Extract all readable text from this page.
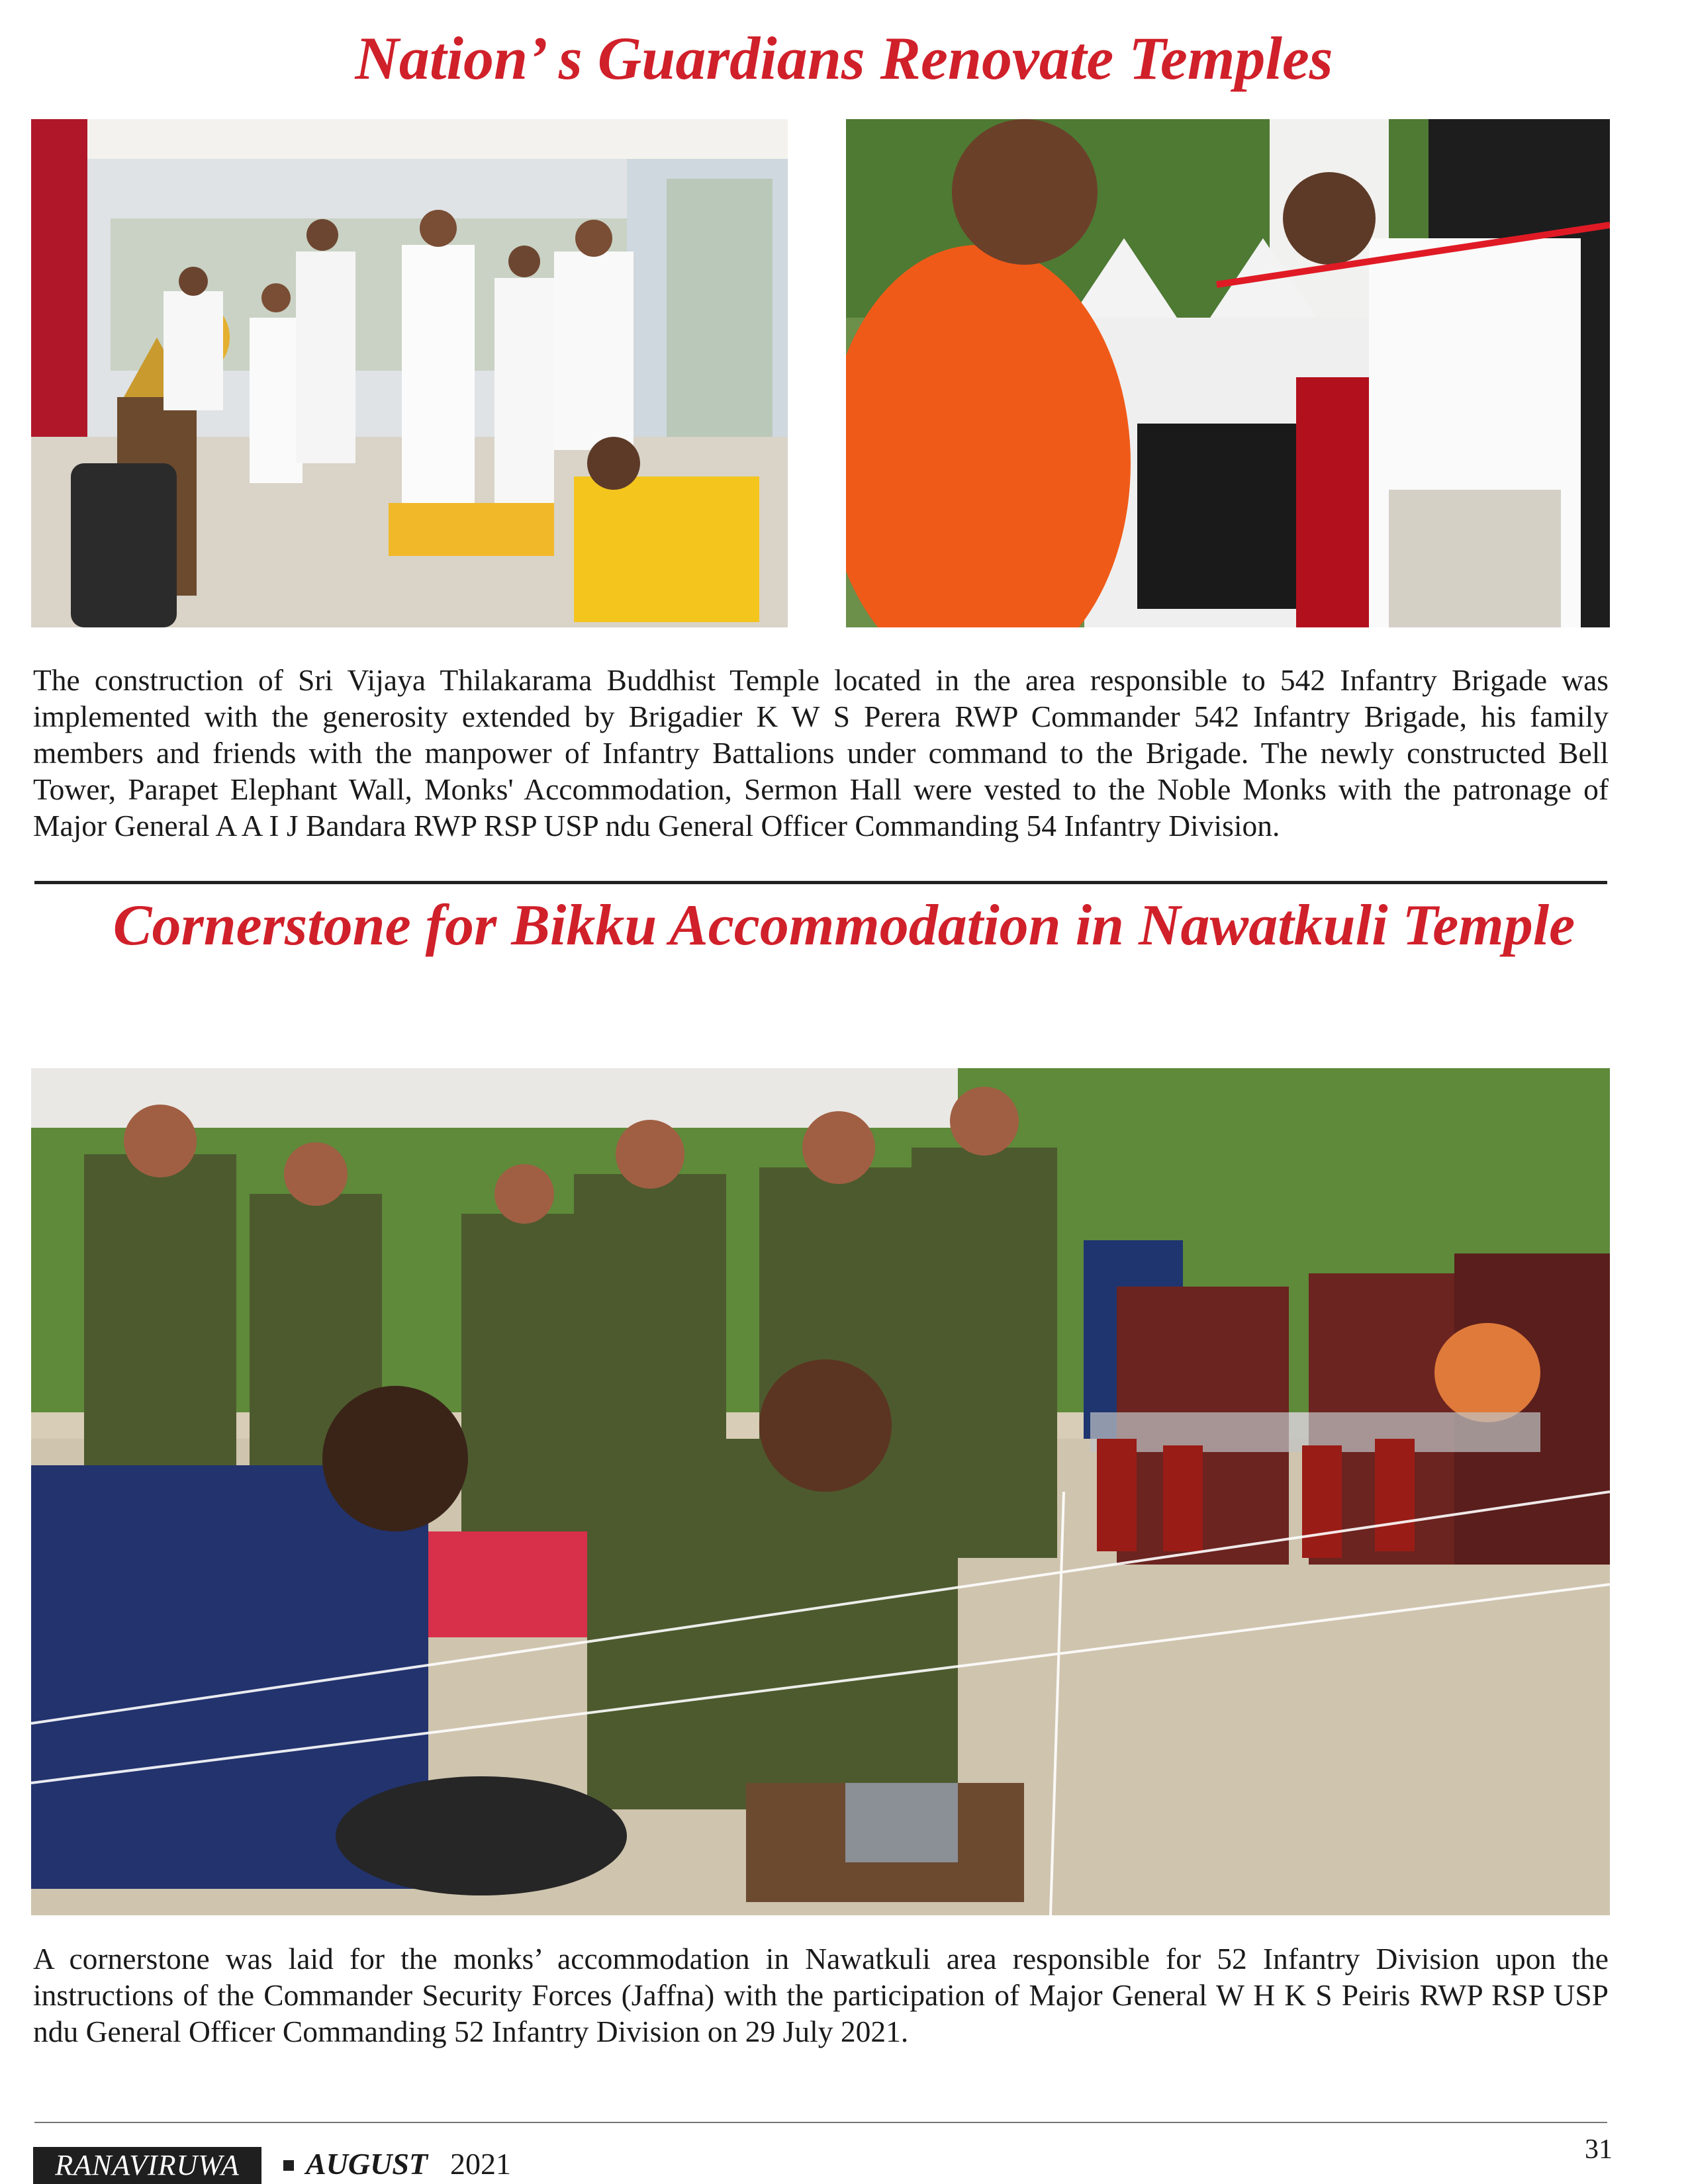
Nation’ s Guardians Renovate Temples

The construction of Sri Vijaya Thilakarama Buddhist Temple located in the area responsible to 542 Infantry Brigade was implemented with the generosity extended by Brigadier K W S Perera RWP Commander 542 Infantry Brigade, his family members and friends with the manpower of Infantry Battalions under command to the Brigade. The newly constructed Bell Tower, Parapet Elephant Wall, Monks' Accommodation, Sermon Hall were vested to the Noble Monks with the patronage of Major General A A I J Bandara RWP RSP USP ndu General Officer Commanding 54 Infantry Division.

Cornerstone for Bikku Accommodation in Nawatkuli Temple

A cornerstone was laid for the monks’ accommodation in Nawatkuli area responsible for 52 Infantry Division upon the instructions of the Commander Security Forces (Jaffna) with the participation of Major General W H K S Peiris RWP RSP USP ndu General Officer Commanding 52 Infantry Division on 29 July 2021.

RANAVIRUWA	AUGUST 2021	31
